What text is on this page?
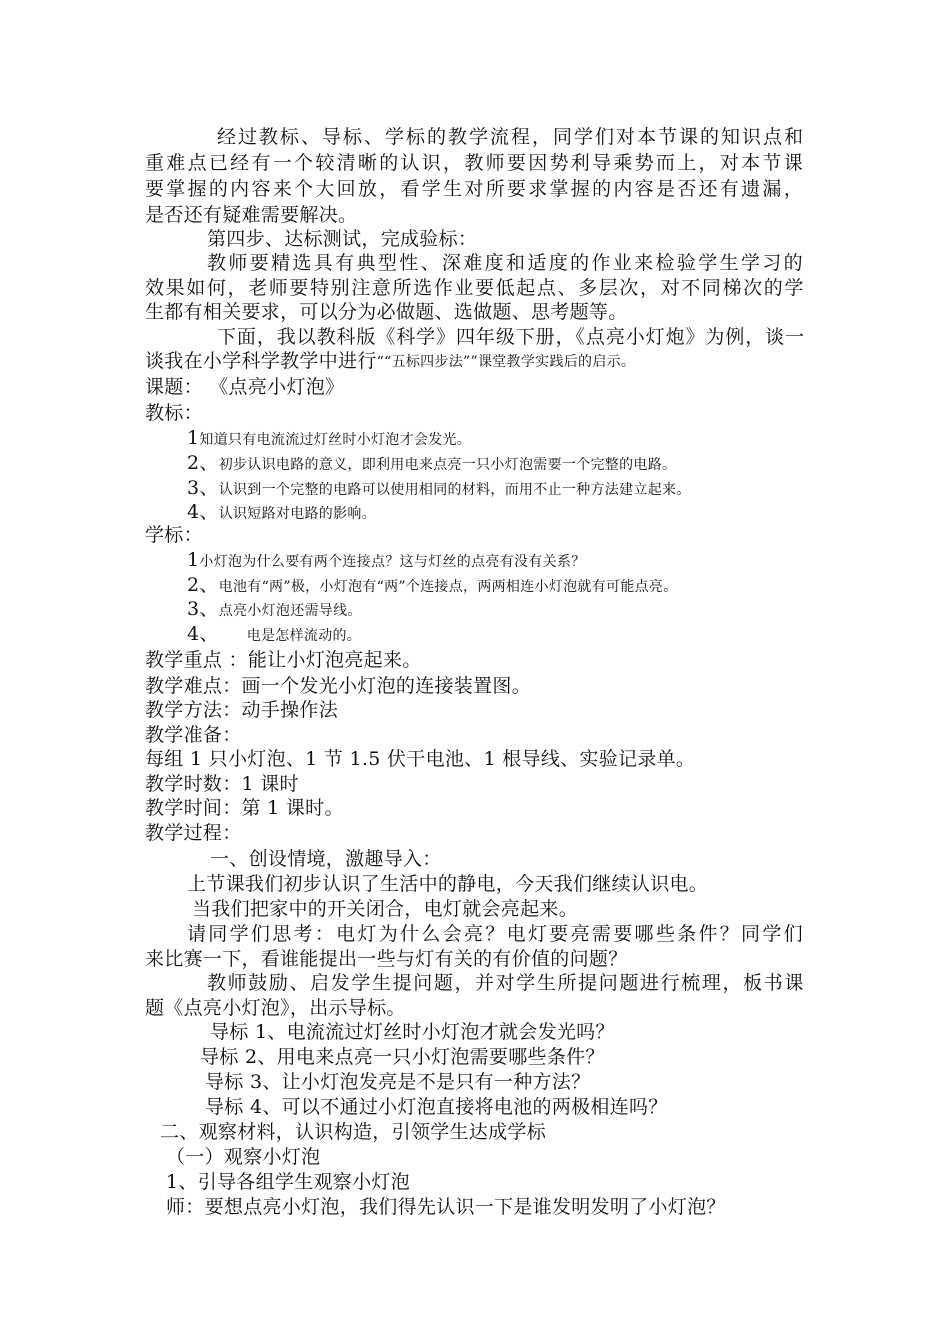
经过教标、导标、学标的教学流程，同学们对本节课的知识点和
重难点已经有一个较清晰的认识，教师要因势利导乘势而上，对本节课
要掌握的内容来个大回放，看学生对所要求掌握的内容是否还有遗漏，
是否还有疑难需要解决。
第四步、达标测试，完成验标：
教师要精选具有典型性、深难度和适度的作业来检验学生学习的
效果如何，老师要特别注意所选作业要低起点、多层次，对不同梯次的学
生都有相关要求，可以分为必做题、选做题、思考题等。
下面，我以教科版《科学》四年级下册，《点亮小灯炮》为例，谈一
谈我在小学科学教学中进行““五标四步法””课堂教学实践后的启示。
课题： 《点亮小灯泡》
教标：
1知道只有电流流过灯丝时小灯泡才会发光。
2、初步认识电路的意义，即利用电来点亮一只小灯泡需要一个完整的电路。
3、认识到一个完整的电路可以使用相同的材料，而用不止一种方法建立起来。
4、认识短路对电路的影响。
学标：
1小灯泡为什么要有两个连接点？这与灯丝的点亮有没有关系？
2、电池有“两”极，小灯泡有“两”个连接点，两两相连小灯泡就有可能点亮。
3、点亮小灯泡还需导线。
4、 电是怎样流动的。
教学重点 ：能让小灯泡亮起来。
教学难点：画一个发光小灯泡的连接装置图。
教学方法：动手操作法
教学准备：
每组 1 只小灯泡、1 节 1.5 伏干电池、1 根导线、实验记录单。
教学时数：1 课时
教学时间：第 1 课时。
教学过程：
一、创设情境，激趣导入：
上节课我们初步认识了生活中的静电，今天我们继续认识电。
当我们把家中的开关闭合，电灯就会亮起来。
请同学们思考：电灯为什么会亮？电灯要亮需要哪些条件？同学们
来比赛一下，看谁能提出一些与灯有关的有价值的问题？
教师鼓励、启发学生提问题，并对学生所提问题进行梳理，板书课
题《点亮小灯泡》，出示导标。
导标 1、电流流过灯丝时小灯泡才就会发光吗？
导标 2、用电来点亮一只小灯泡需要哪些条件？
导标 3、让小灯泡发亮是不是只有一种方法？
导标 4、可以不通过小灯泡直接将电池的两极相连吗？
二、观察材料，认识构造，引领学生达成学标
（一）观察小灯泡
1、引导各组学生观察小灯泡
师：要想点亮小灯泡，我们得先认识一下是谁发明发明了小灯泡？
